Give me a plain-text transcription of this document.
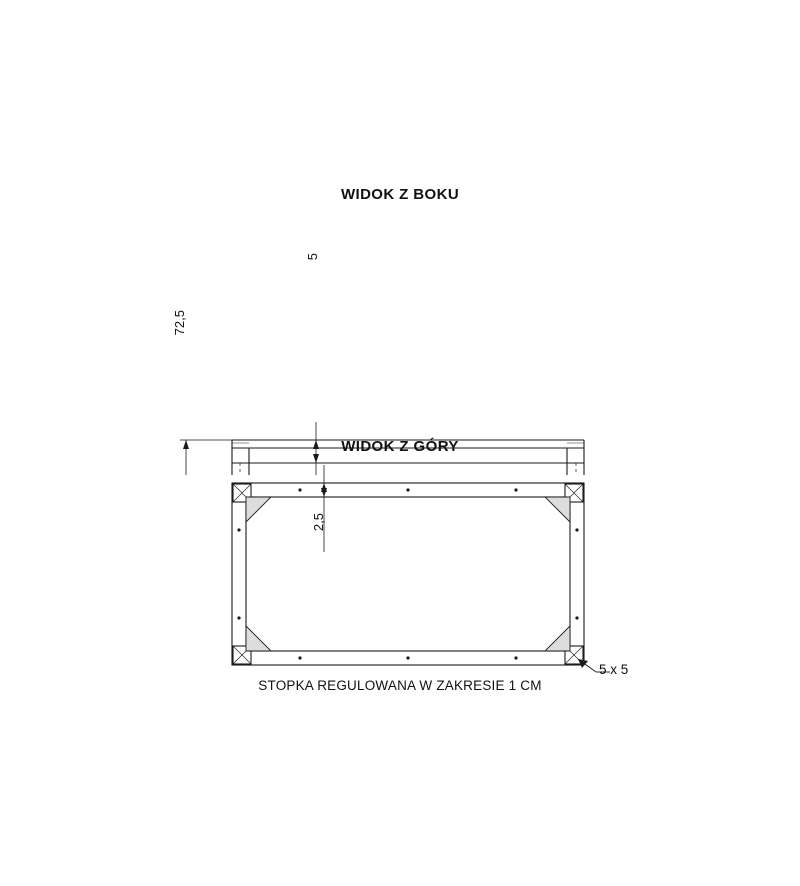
WIDOK Z BOKU
72,5
5
WIDOK Z GÓRY
2,5
5 x 5
STOPKA REGULOWANA W ZAKRESIE 1 CM
